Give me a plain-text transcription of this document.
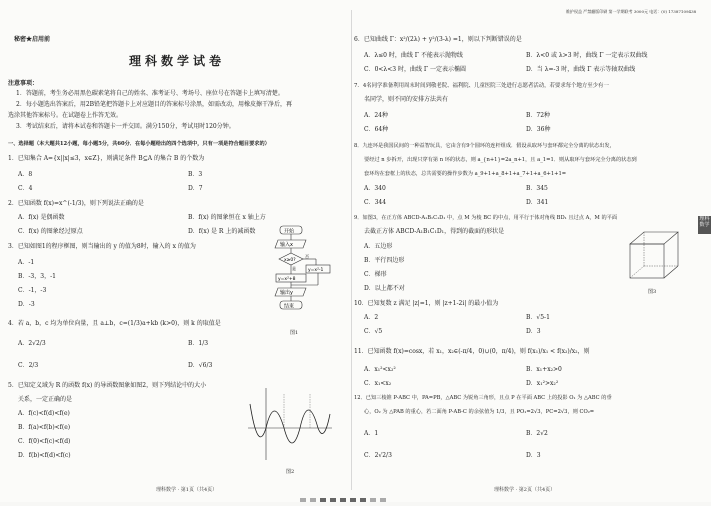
秘密★启用前
理科数学试卷
注意事项：
1．答题前，考生务必用黑色碳素笔将自己的姓名、准考证号、考场号、座位号在答题卡上填写清楚。
2．每小题选出答案后，用2B铅笔把答题卡上对应题目的答案标号涂黑，如需改动，用橡皮擦干净后，再
选涂其他答案标号。在试题卷上作答无效。
3．考试结束后，请将本试卷和答题卡一并交回。满分150分，考试用时120分钟。
一、选择题（本大题共12小题，每小题5分，共60分．在每小题给出的四个选项中，只有一项是符合题目要求的）
1．已知集合 A={x||x|≤3，x∈Z}，则满足条件 B⊆A 的集合 B 的个数为
A．8	B．3
C．4	D．7
2．已知函数 f(x)=x^(-1/3)，则下列说法正确的是
A．f(x) 是偶函数	B．f(x) 的图象恒在 x 轴上方
C．f(x) 的图象经过原点	D．f(x) 是 R 上的减函数
3．已知如图1的程序框图，则当输出的 y 的值为8时，输入的 x 的值为
A．-1
B．-3，3，-1
C．-1，-3
D．-3
开始
输入x
x≥0?
是
否
y=x²-1
y=x²+8
输出y
结束
图1
4．若 a，b，c 均为单位向量，且 a⊥b，c=(1/3)a+kb (k>0)，则 k 的取值是
A．2√2/3	B．1/3
C．2/3	D．√6/3
5．已知定义域为 R 的函数 f(x) 的导函数图象如图2，则下列结论中的大小
关系，一定正确的是
A．f(c)<f(d)<f(e)
B．f(a)<f(b)<f(e)
C．f(0)<f(c)<f(d)
D．f(b)<f(d)<f(c)
图2
理科数学 · 第1页（共4页）
维护权益 严禁翻版印刷 第一学期联考 3000元 电话：(0) 17387109438
6．已知曲线 Γ：x²/(2λ) + y²/(3-λ) =1，则以下判断错误的是
A．λ≤0 时，曲线 Γ 不能表示抛物线	B．λ<0 或 λ>3 时，曲线 Γ 一定表示双曲线
C．0<λ<3 时，曲线 Γ 一定表示椭圆	D．当 λ=-3 时，曲线 Γ 表示等轴双曲线
7．4名同学准备利用周末时间到敬老院、福利院、儿童医院三处进行志愿者活动，若要求每个地方至少有一
名同学，则不同的安排方法共有
A．24种	B．72种
C．64种	D．36种
8．九连环是我国民间的一种益智玩具，它由含有9个圆环的连杆组成．假设从取环与套环都完全分离的状态出发，
要经过 n 步拆开，出现只穿有第 n 环的状态，则 a_{n+1}=2a_n+1，且 a_1=1．则从取环与套环完全分离的状态到
套环均在套框上的状态，总共需要的操作步数为 a_9+1+a_8+1+a_7+1+a_6+1+1=
A．340	B．345
C．344	D．341
9．如图3，在正方体 ABCD-A₁B₁C₁D₁ 中，点 M 为棱 BC 的中点，用平行于体对角线 BD₁ 且过点 A，M 的平面
去截正方体 ABCD-A₁B₁C₁D₁，得到的截面的形状是
A．五边形
B．平行四边形
C．梯形
D．以上都不对	图3
10．已知复数 z 满足 |z|=1，则 |z+1-2i| 的最小值为
A．2	B．√5-1
C．√5	D．3
11．已知函数 f(x)=cosx，若 x₁，x₂∈(-π/4，0)∪(0，π/4)，则 f(x₁)/x₁ < f(x₂)/x₂，则
A．x₁²<x₂²	B．x₁+x₂>0
C．x₁<x₂	D．x₁²>x₂²
12．已知三棱锥 P-ABC 中，PA=PB，△ABC 为锐角三角形，且点 P 在平面 ABC 上的投影 O₁ 为 △ABC 的垂
心，O₂ 为 △PAB 的重心，若二面角 P-AB-C 的余弦值为 1/3，且 PO₁=2√3，PC=2√3，则 CO₂=
A．1	B．2√2
C．2√2/3	D．3
理科数学 · 第2页（共4页）
理科数学
